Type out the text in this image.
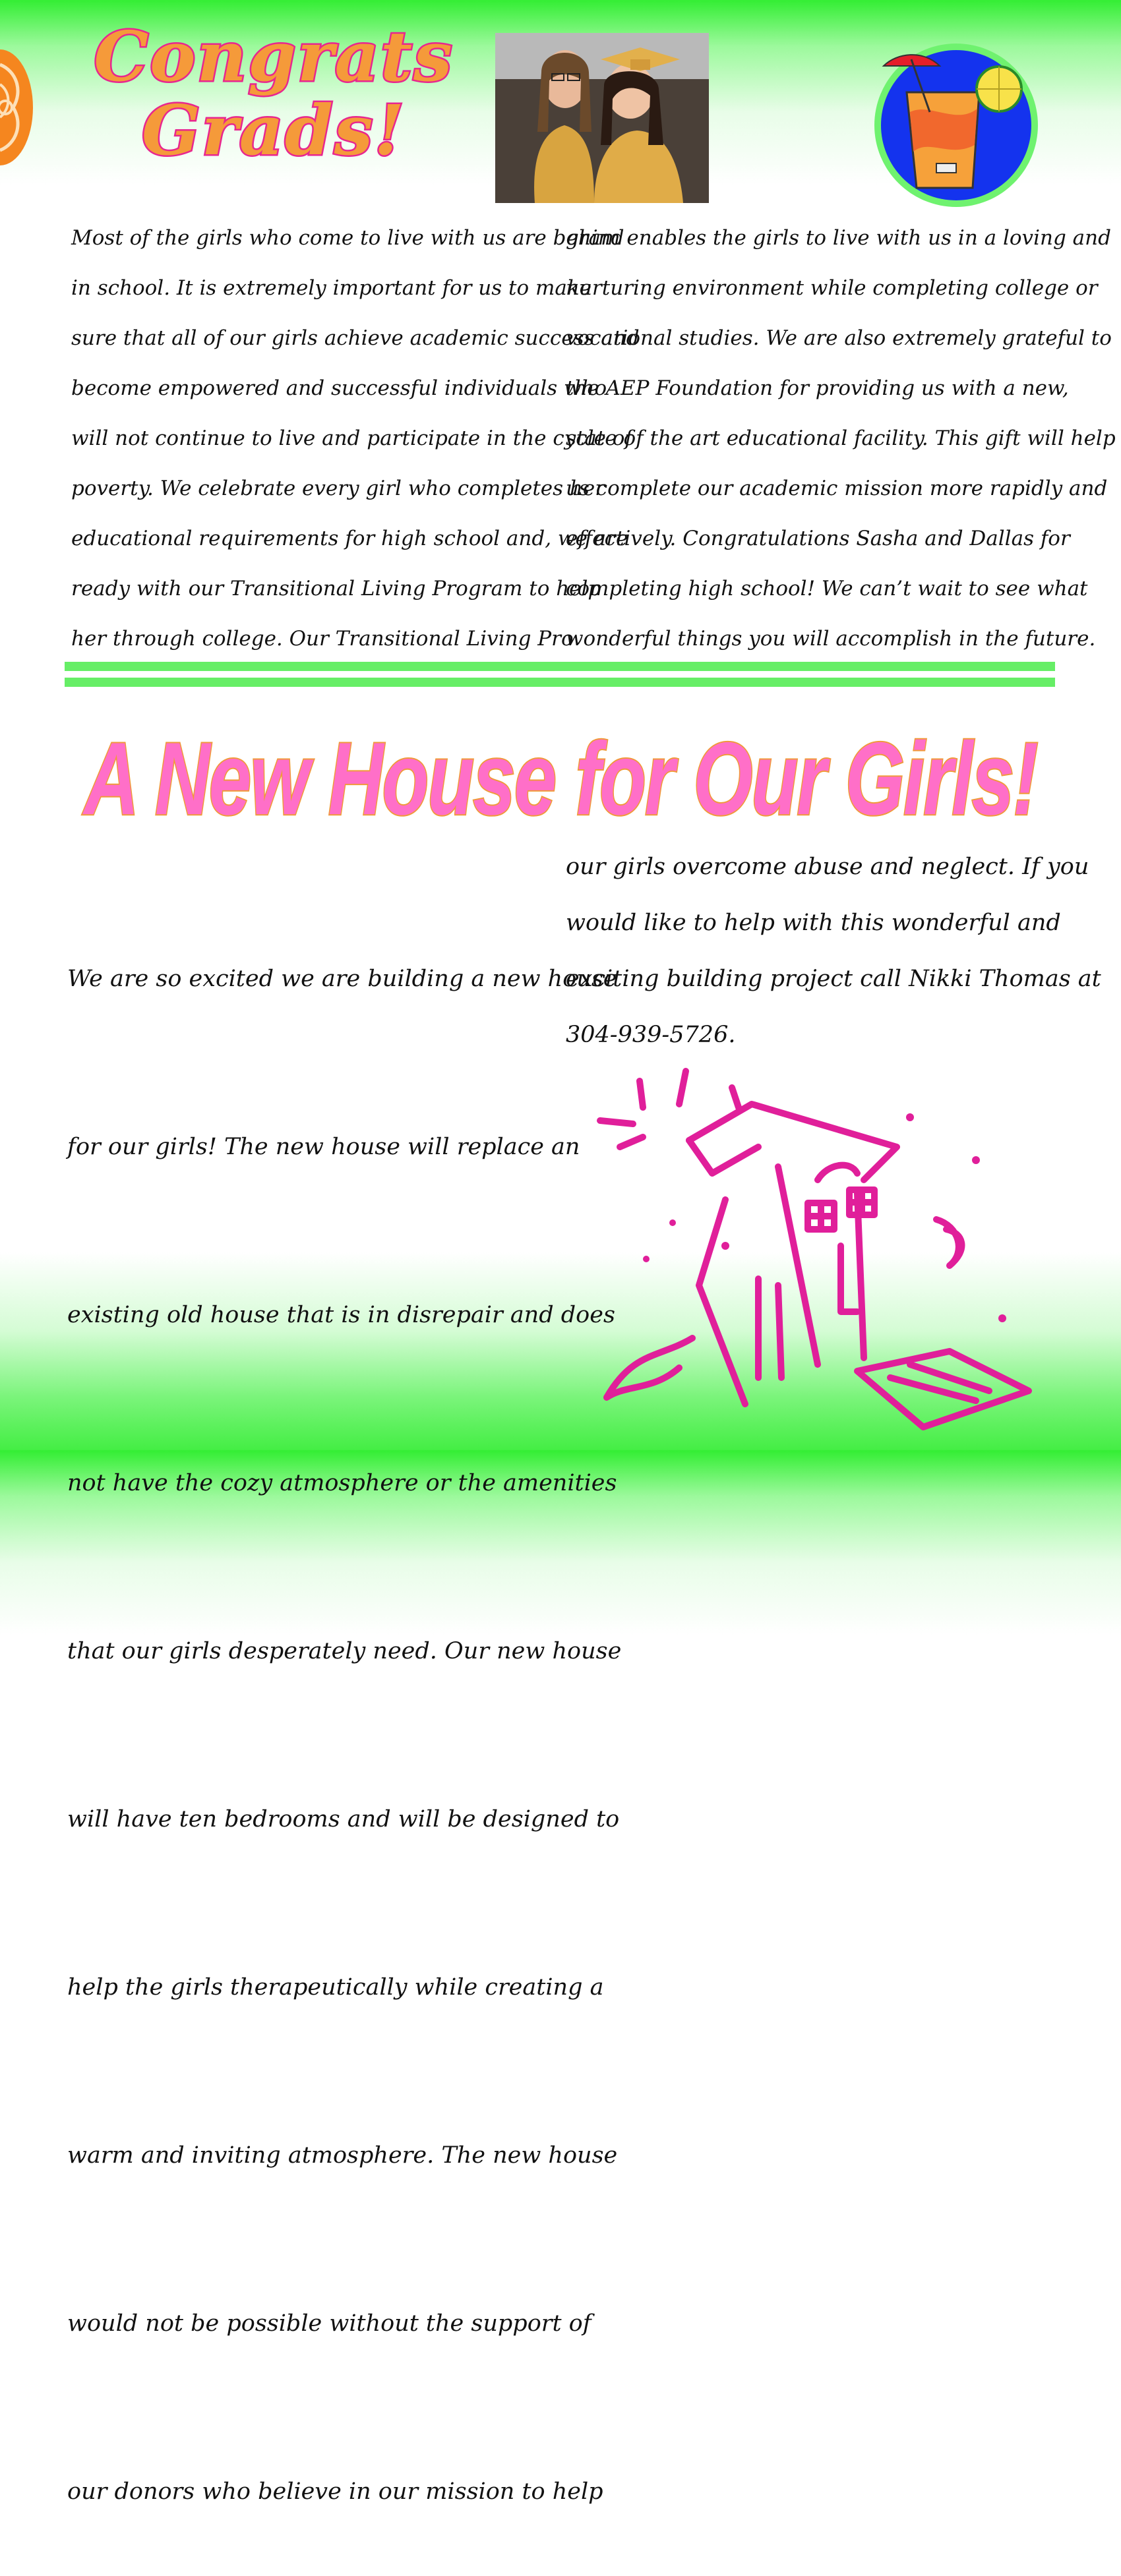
Congrats
Grads!
Most of the girls who come to live with us are behind
in school. It is extremely important for us to make
sure that all of our girls achieve academic success and
become empowered and successful individuals who
will not continue to live and participate in the cycle of
poverty. We celebrate every girl who completes her
educational requirements for high school and, we are
ready with our Transitional Living Program to help
her through college. Our Transitional Living Pro
gram enables the girls to live with us in a loving and
nurturing environment while completing college or
vocational studies. We are also extremely grateful to
the AEP Foundation for providing us with a new,
state of the art educational facility. This gift will help
us complete our academic mission more rapidly and
effectively. Congratulations Sasha and Dallas for
completing high school! We can’t wait to see what
wonderful things you will accomplish in the future.
A New House for Our Girls!

We are so excited we are building a new house

for our girls! The new house will replace an

existing old house that is in disrepair and does

not have the cozy atmosphere or the amenities

that our girls desperately need. Our new house

will have ten bedrooms and will be designed to

help the girls therapeutically while creating a

warm and inviting atmosphere. The new house

would not be possible without the support of

our donors who believe in our mission to help

our girls overcome abuse and neglect. If you
would like to help with this wonderful and
exciting building project call Nikki Thomas at
304-939-5726.
